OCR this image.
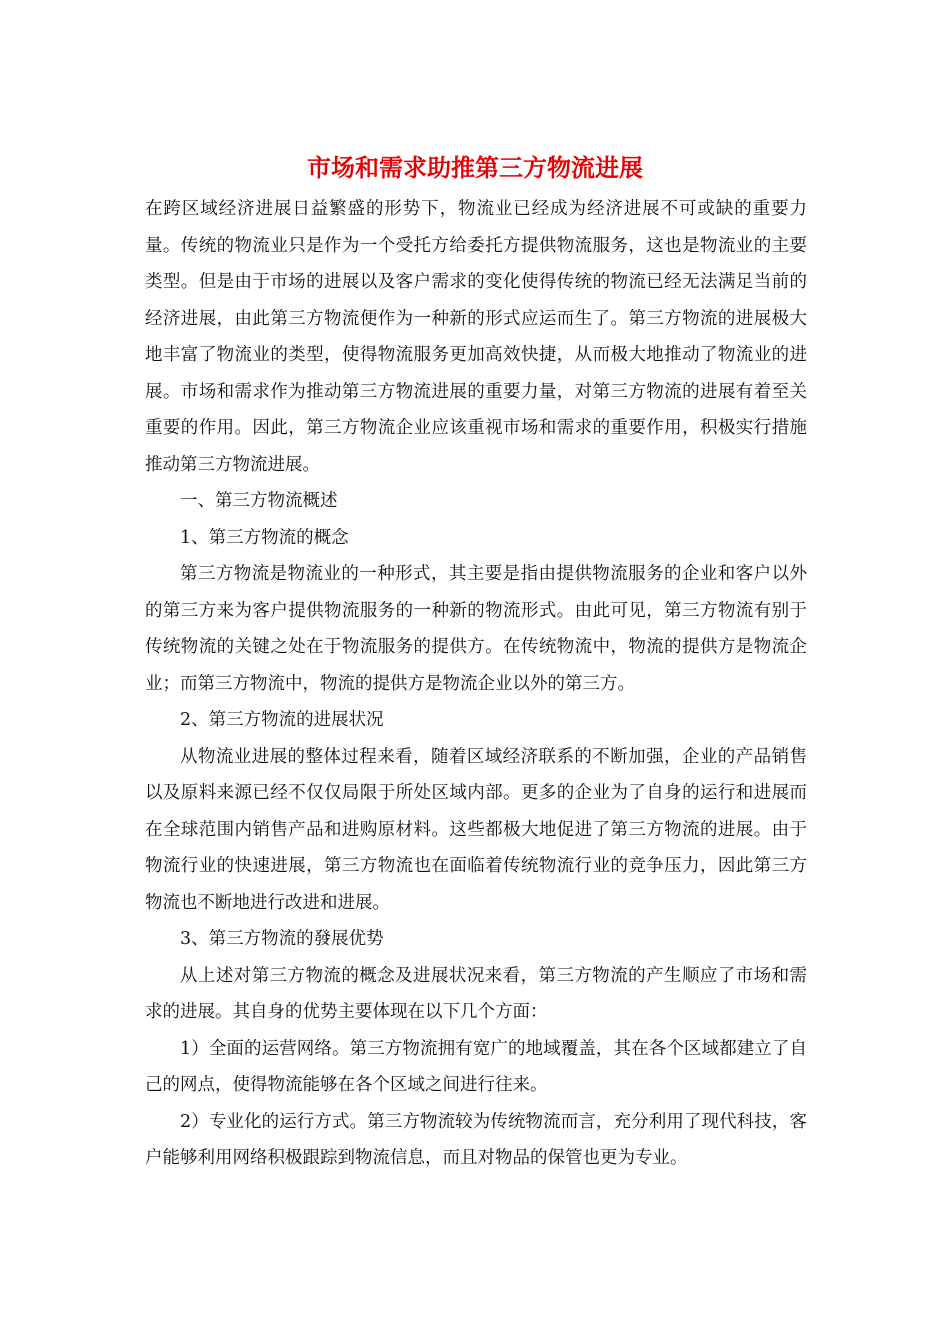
市场和需求助推第三方物流进展

在跨区域经济进展日益繁盛的形势下，物流业已经成为经济进展不可或缺的重要力量。传统的物流业只是作为一个受托方给委托方提供物流服务，这也是物流业的主要类型。但是由于市场的进展以及客户需求的变化使得传统的物流已经无法满足当前的经济进展，由此第三方物流便作为一种新的形式应运而生了。第三方物流的进展极大地丰富了物流业的类型，使得物流服务更加高效快捷，从而极大地推动了物流业的进展。市场和需求作为推动第三方物流进展的重要力量，对第三方物流的进展有着至关重要的作用。因此，第三方物流企业应该重视市场和需求的重要作用，积极实行措施推动第三方物流进展。

一、第三方物流概述

1、第三方物流的概念

第三方物流是物流业的一种形式，其主要是指由提供物流服务的企业和客户以外的第三方来为客户提供物流服务的一种新的物流形式。由此可见，第三方物流有别于传统物流的关键之处在于物流服务的提供方。在传统物流中，物流的提供方是物流企业；而第三方物流中，物流的提供方是物流企业以外的第三方。

2、第三方物流的进展状况

从物流业进展的整体过程来看，随着区域经济联系的不断加强，企业的产品销售以及原料来源已经不仅仅局限于所处区域内部。更多的企业为了自身的运行和进展而在全球范围内销售产品和进购原材料。这些都极大地促进了第三方物流的进展。由于物流行业的快速进展，第三方物流也在面临着传统物流行业的竞争压力，因此第三方物流也不断地进行改进和进展。

3、第三方物流的發展优势

从上述对第三方物流的概念及进展状况来看，第三方物流的产生顺应了市场和需求的进展。其自身的优势主要体现在以下几个方面：

1）全面的运营网络。第三方物流拥有宽广的地域覆盖，其在各个区域都建立了自己的网点，使得物流能够在各个区域之间进行往来。

2）专业化的运行方式。第三方物流较为传统物流而言，充分利用了现代科技，客户能够利用网络积极跟踪到物流信息，而且对物品的保管也更为专业。
